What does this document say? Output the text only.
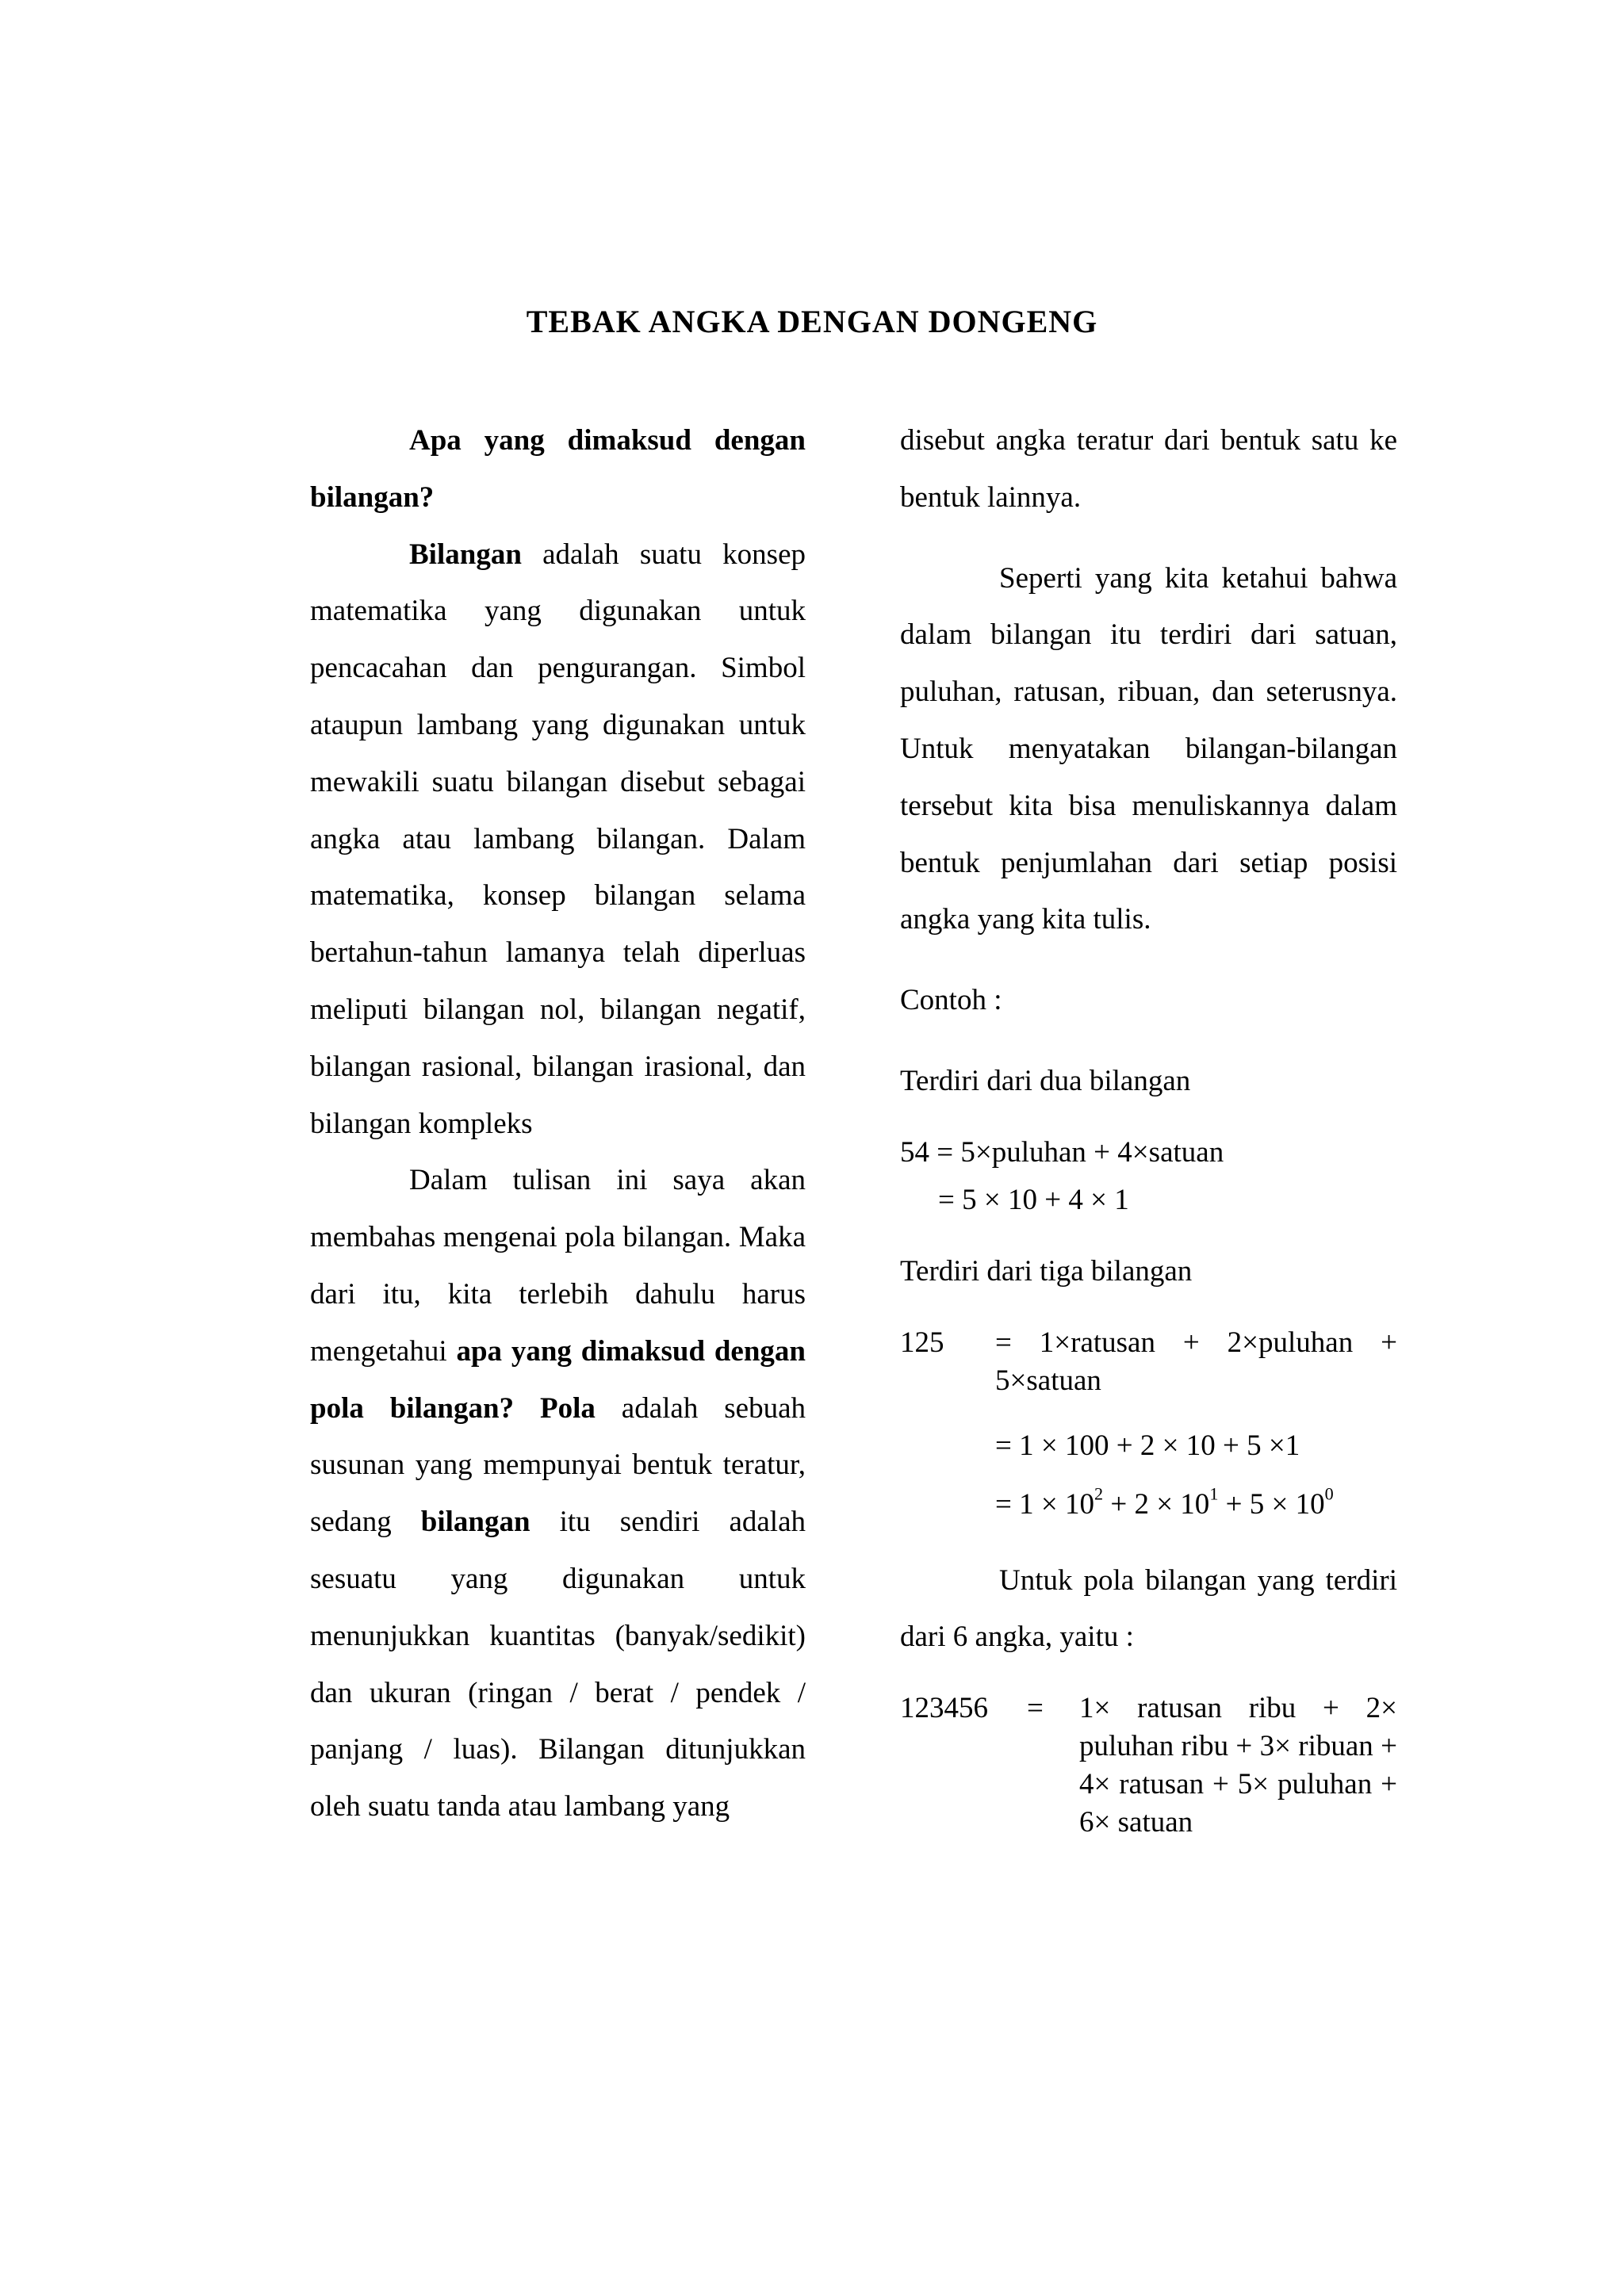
TEBAK ANGKA DENGAN DONGENG

Apa yang dimaksud dengan bilangan?

Bilangan adalah suatu konsep matematika yang digunakan untuk pencacahan dan pengurangan. Simbol ataupun lambang yang digunakan untuk mewakili suatu bilangan disebut sebagai angka atau lambang bilangan. Dalam matematika, konsep bilangan selama bertahun-tahun lamanya telah diperluas meliputi bilangan nol, bilangan negatif, bilangan rasional, bilangan irasional, dan bilangan kompleks

Dalam tulisan ini saya akan membahas mengenai pola bilangan. Maka dari itu, kita terlebih dahulu harus mengetahui apa yang dimaksud dengan pola bilangan? Pola adalah sebuah susunan yang mempunyai bentuk teratur, sedang bilangan itu sendiri adalah sesuatu yang digunakan untuk menunjukkan kuantitas (banyak/sedikit) dan ukuran (ringan / berat / pendek / panjang / luas). Bilangan ditunjukkan oleh suatu tanda atau lambang yang

disebut angka teratur dari bentuk satu ke bentuk lainnya.

Seperti yang kita ketahui bahwa dalam bilangan itu terdiri dari satuan, puluhan, ratusan, ribuan, dan seterusnya. Untuk menyatakan bilangan-bilangan tersebut kita bisa menuliskannya dalam bentuk penjumlahan dari setiap posisi angka yang kita tulis.

Contoh :

Terdiri dari dua bilangan

54 = 5×puluhan + 4×satuan

= 5 × 10 + 4 × 1

Terdiri dari tiga bilangan

125	= 1×ratusan + 2×puluhan + 5×satuan

= 1 × 100 + 2 × 10 + 5 ×1

= $1 \times 10^2 + 2 \times 10^1 + 5 \times 10^0$

Untuk pola bilangan yang terdiri dari 6 angka, yaitu :

123456	=	1× ratusan ribu + 2× puluhan ribu + 3× ribuan + 4× ratusan + 5× puluhan + 6× satuan
